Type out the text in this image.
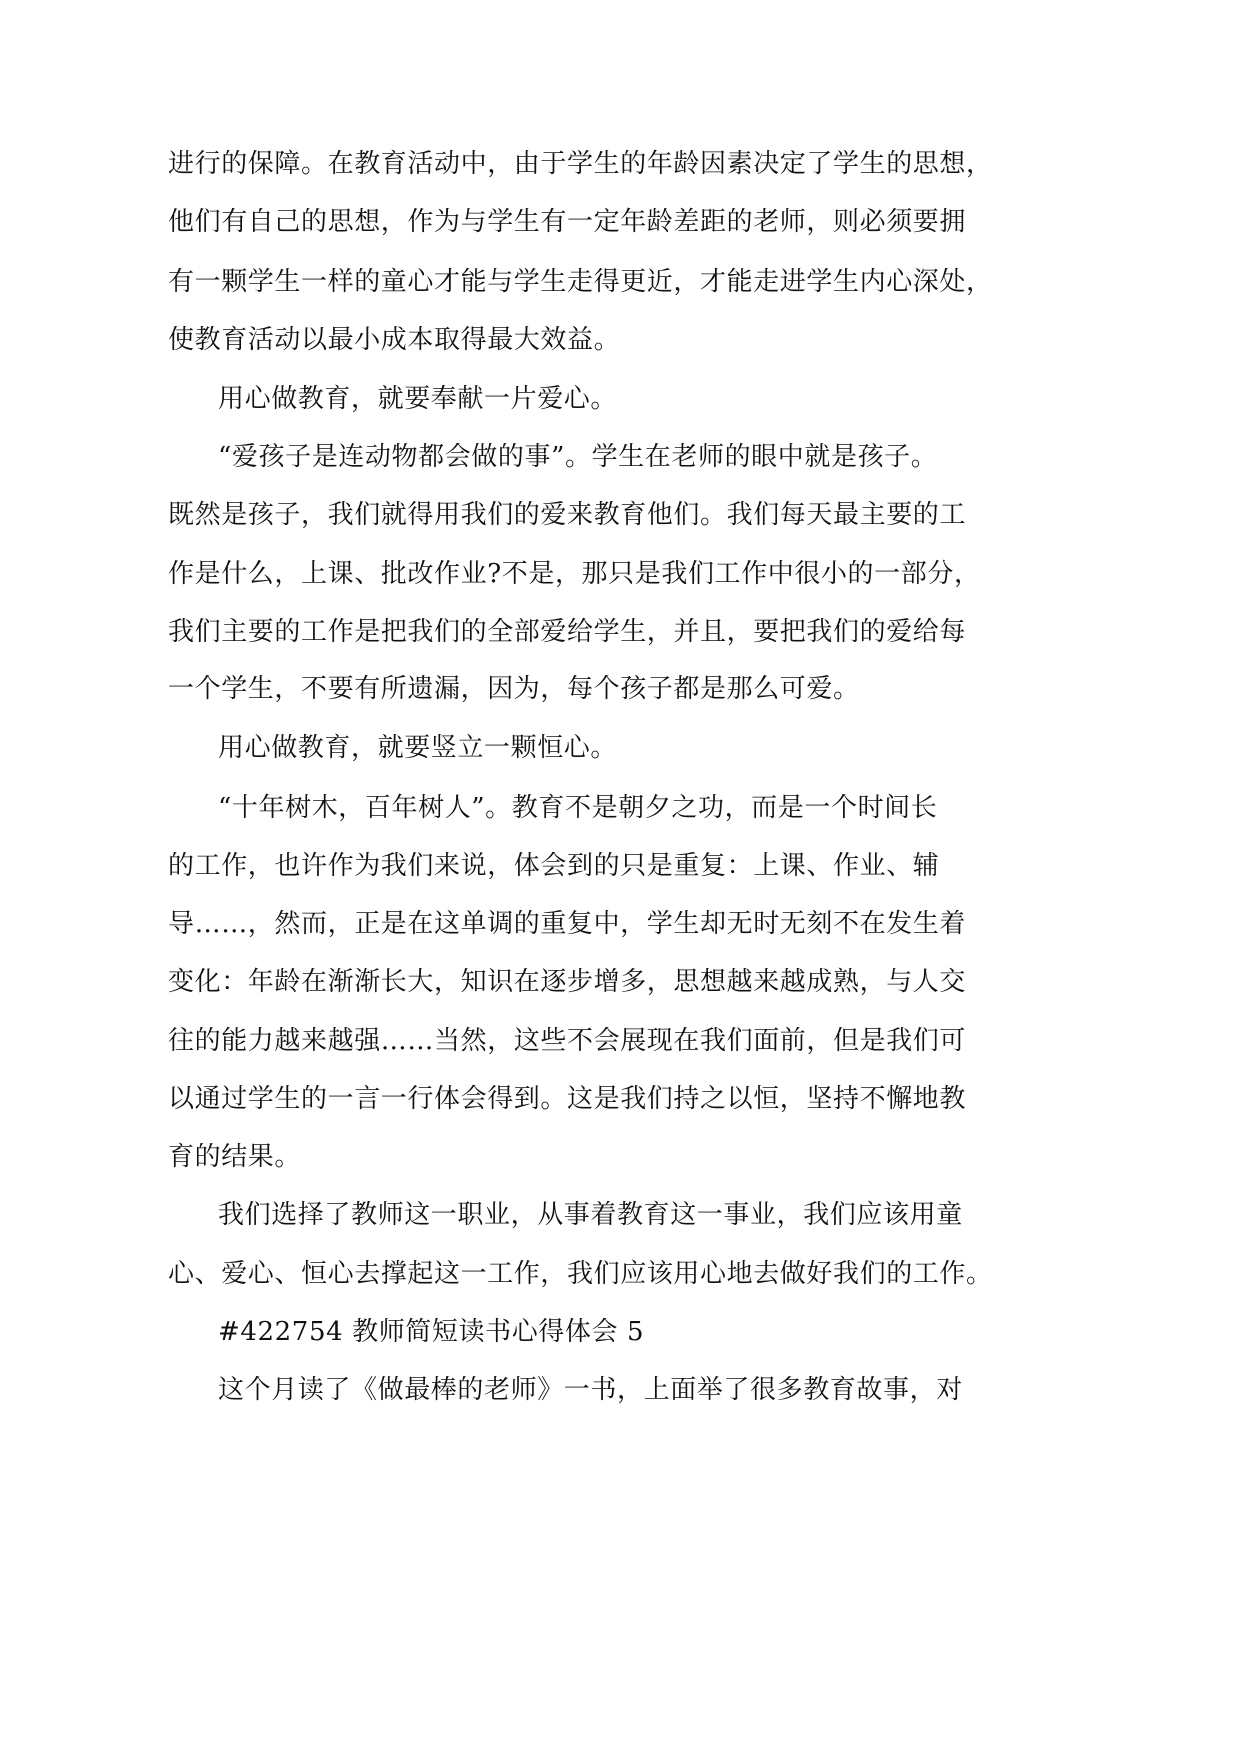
进行的保障。在教育活动中，由于学生的年龄因素决定了学生的思想，
他们有自己的思想，作为与学生有一定年龄差距的老师，则必须要拥
有一颗学生一样的童心才能与学生走得更近，才能走进学生内心深处，
使教育活动以最小成本取得最大效益。
用心做教育，就要奉献一片爱心。
“爱孩子是连动物都会做的事”。学生在老师的眼中就是孩子。
既然是孩子，我们就得用我们的爱来教育他们。我们每天最主要的工
作是什么，上课、批改作业?不是，那只是我们工作中很小的一部分，
我们主要的工作是把我们的全部爱给学生，并且，要把我们的爱给每
一个学生，不要有所遗漏，因为，每个孩子都是那么可爱。
用心做教育，就要竖立一颗恒心。
“十年树木，百年树人”。教育不是朝夕之功，而是一个时间长
的工作，也许作为我们来说，体会到的只是重复：上课、作业、辅
导……，然而，正是在这单调的重复中，学生却无时无刻不在发生着
变化：年龄在渐渐长大，知识在逐步增多，思想越来越成熟，与人交
往的能力越来越强……当然，这些不会展现在我们面前，但是我们可
以通过学生的一言一行体会得到。这是我们持之以恒，坚持不懈地教
育的结果。
我们选择了教师这一职业，从事着教育这一事业，我们应该用童
心、爱心、恒心去撑起这一工作，我们应该用心地去做好我们的工作。
#422754 教师简短读书心得体会 5
这个月读了《做最棒的老师》一书，上面举了很多教育故事，对
